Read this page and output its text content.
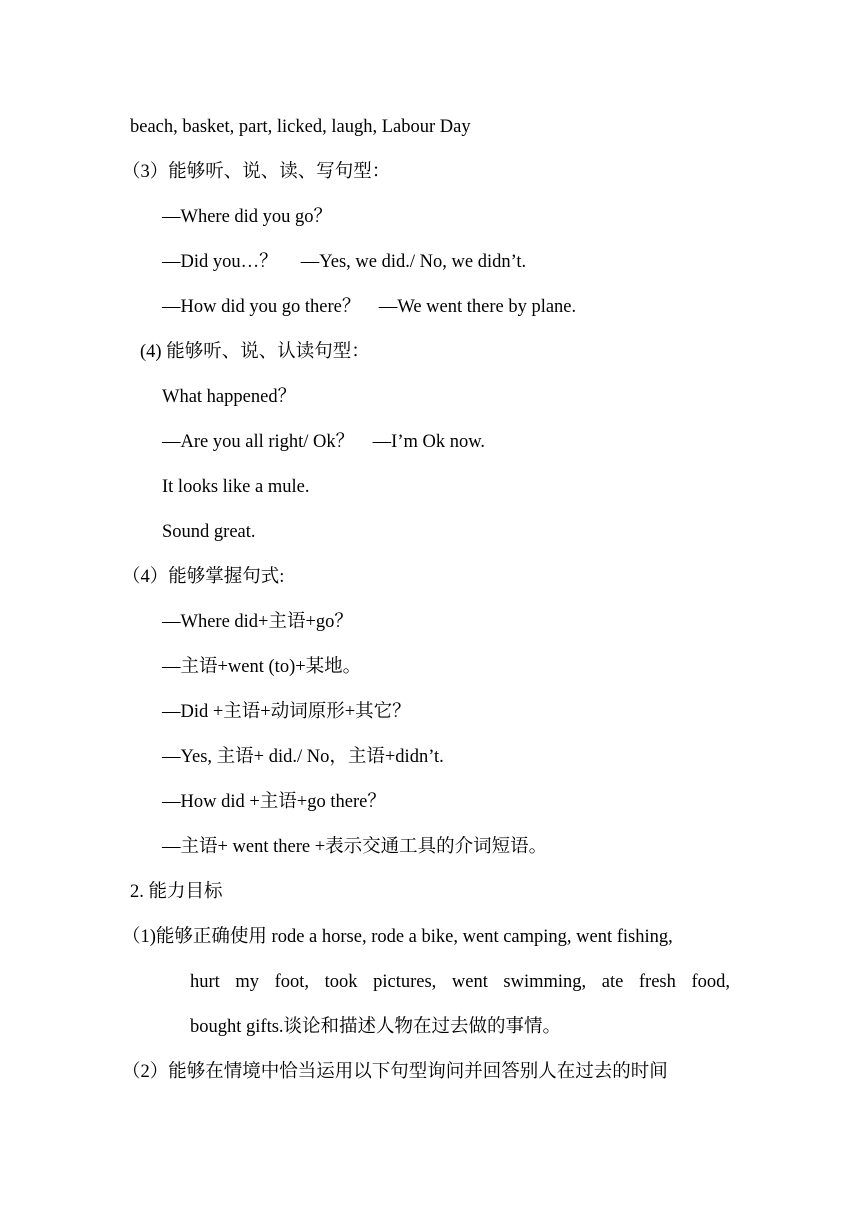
beach, basket, part, licked, laugh, Labour Day
（3）能够听、说、读、写句型：
—Where did you go？
—Did you…？　 —Yes, we did./ No, we didn’t.
—How did you go there？　—We went there by plane.
(4) 能够听、说、认读句型：
What happened？
—Are you all right/ Ok？　—I’m Ok now.
It looks like a mule.
Sound great.
（4）能够掌握句式:
—Where did+主语+go？
—主语+went (to)+某地。
—Did +主语+动词原形+其它？
—Yes, 主语+ did./ No，主语+didn’t.
—How did +主语+go there？
—主语+ went there +表示交通工具的介词短语。
2. 能力目标
（1)能够正确使用 rode a horse, rode a bike, went camping, went fishing,
hurt my foot, took pictures, went swimming, ate fresh food,
bought gifts.谈论和描述人物在过去做的事情。
（2）能够在情境中恰当运用以下句型询问并回答别人在过去的时间
